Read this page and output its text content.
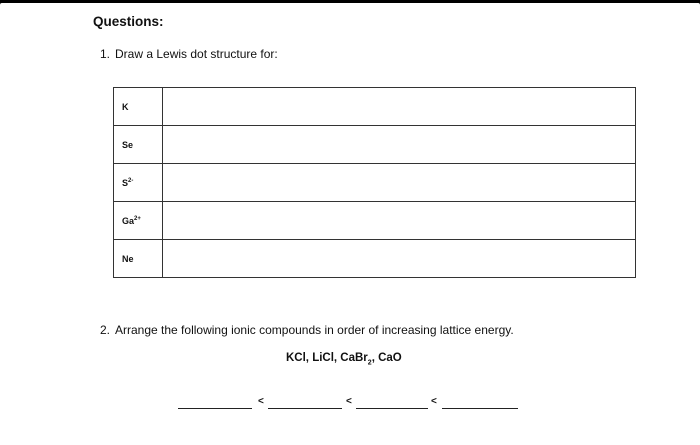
Questions:
1. Draw a Lewis dot structure for:
K	
Se	
$S^{2-}$	
$Ga^{2+}$	
Ne	
2. Arrange the following ionic compounds in order of increasing lattice energy.
KCl, LiCl, CaBr$_2$, CaO
<	<	<
